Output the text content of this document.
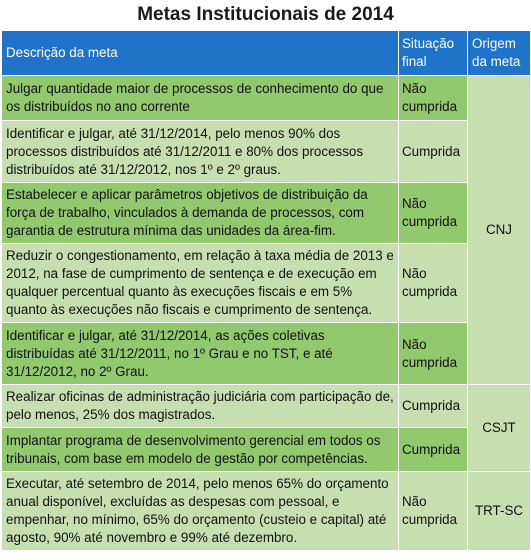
Metas Institucionais de 2014
Descrição da meta	Situação final	Origem da meta
Julgar quantidade maior de processos de conhecimento do que os distribuídos no ano corrente	Não cumprida	CNJ
Identificar e julgar, até 31/12/2014, pelo menos 90% dos processos distribuídos até 31/12/2011 e 80% dos processos distribuídos até 31/12/2012, nos 1º e 2º graus.	Cumprida	
Estabelecer e aplicar parâmetros objetivos de distribuição da força de trabalho, vinculados à demanda de processos, com garantia de estrutura mínima das unidades da área-fim.	Não cumprida	
Reduzir o congestionamento, em relação à taxa média de 2013 e 2012, na fase de cumprimento de sentença e de execução em qualquer percentual quanto às execuções fiscais e em 5% quanto às execuções não fiscais e cumprimento de sentença.	Não cumprida	
Identificar e julgar, até 31/12/2014, as ações coletivas distribuídas até 31/12/2011, no 1º Grau e no TST, e até 31/12/2012, no 2º Grau.	Não cumprida	
Realizar oficinas de administração judiciária com participação de, pelo menos, 25% dos magistrados.	Cumprida	CSJT
Implantar programa de desenvolvimento gerencial em todos os tribunais, com base em modelo de gestão por competências.	Cumprida	
Executar, até setembro de 2014, pelo menos 65% do orçamento anual disponível, excluídas as despesas com pessoal, e empenhar, no mínimo, 65% do orçamento (custeio e capital) até agosto, 90% até novembro e 99% até dezembro.	Não cumprida	TRT-SC
